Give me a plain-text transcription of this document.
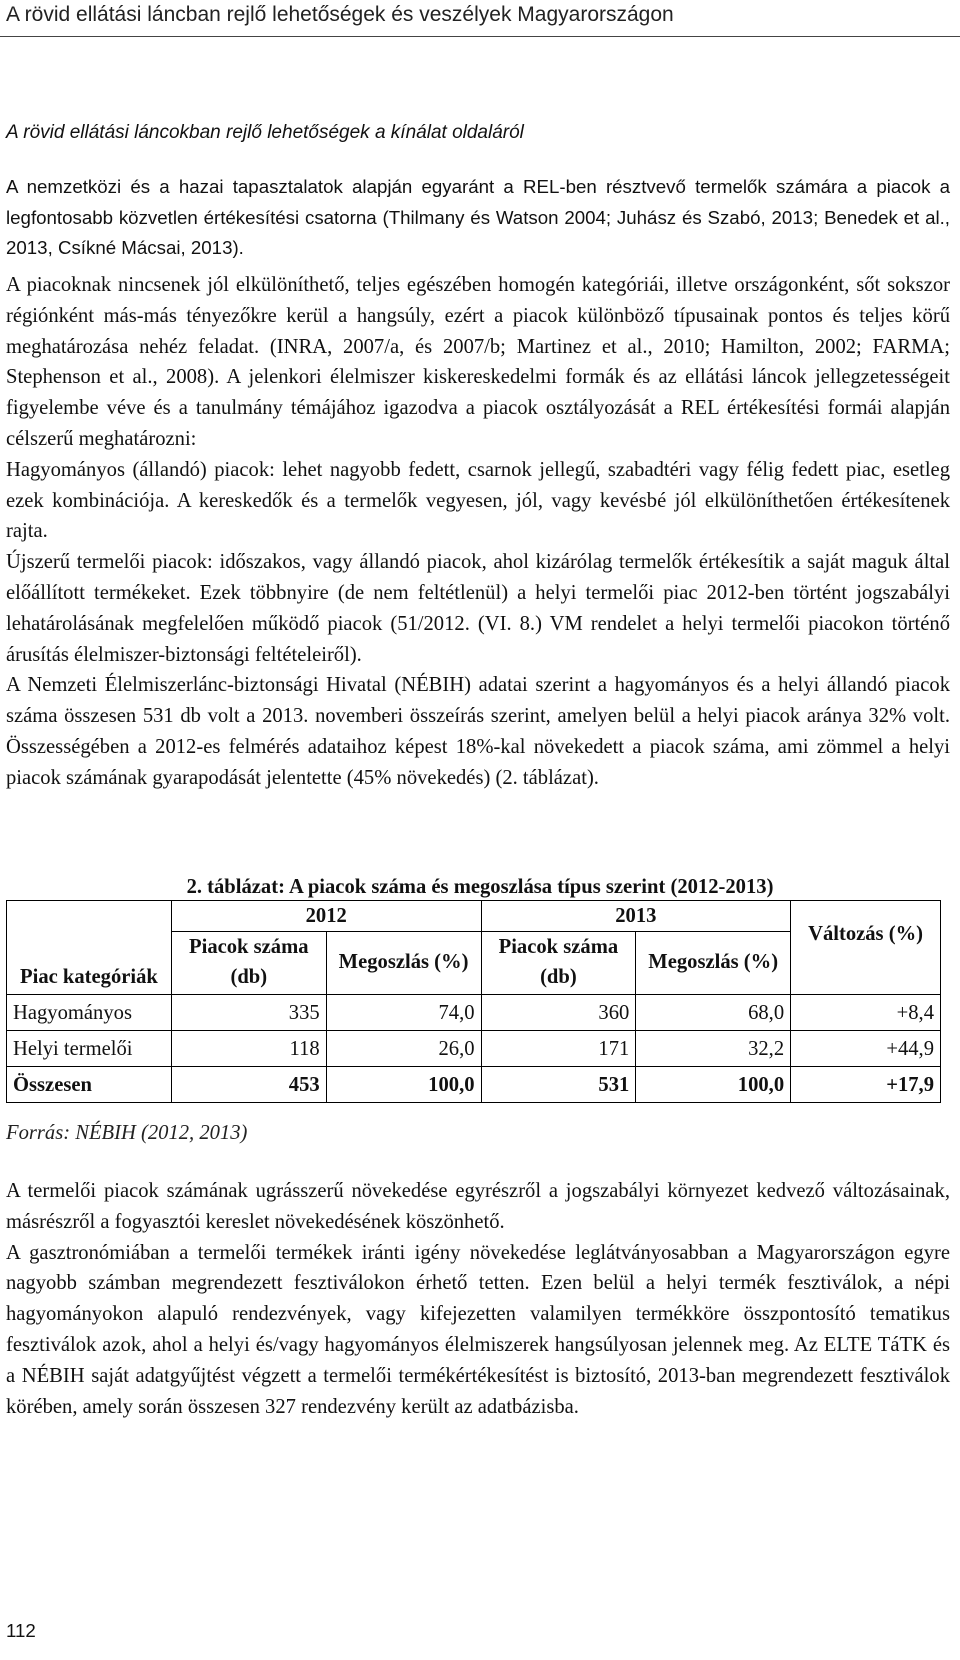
A rövid ellátási láncban rejlő lehetőségek és veszélyek Magyarországon
A rövid ellátási láncokban rejlő lehetőségek a kínálat oldaláról

A nemzetközi és a hazai tapasztalatok alapján egyaránt a REL-ben résztvevő termelők számára a piacok a legfontosabb közvetlen értékesítési csatorna (Thilmany és Watson 2004; Juhász és Szabó, 2013; Benedek et al., 2013, Csíkné Mácsai, 2013).

A piacoknak nincsenek jól elkülöníthető, teljes egészében homogén kategóriái, illetve országonként, sőt sokszor régiónként más-más tényezőkre kerül a hangsúly, ezért a piacok különböző típusainak pontos és teljes körű meghatározása nehéz feladat. (INRA, 2007/a, és 2007/b; Martinez et al., 2010; Hamilton, 2002; FARMA; Stephenson et al., 2008). A jelenkori élelmiszer kiskereskedelmi formák és az ellátási láncok jellegzetességeit figyelembe véve és a tanulmány témájához igazodva a piacok osztályozását a REL értékesítési formái alapján célszerű meghatározni:

Hagyományos (állandó) piacok: lehet nagyobb fedett, csarnok jellegű, szabadtéri vagy félig fedett piac, esetleg ezek kombinációja. A kereskedők és a termelők vegyesen, jól, vagy kevésbé jól elkülöníthetően értékesítenek rajta.

Újszerű termelői piacok: időszakos, vagy állandó piacok, ahol kizárólag termelők értékesítik a saját maguk által előállított termékeket. Ezek többnyire (de nem feltétlenül) a helyi termelői piac 2012-ben történt jogszabályi lehatárolásának megfelelően működő piacok (51/2012. (VI. 8.) VM rendelet a helyi termelői piacokon történő árusítás élelmiszer-biztonsági feltételeiről).

A Nemzeti Élelmiszerlánc-biztonsági Hivatal (NÉBIH) adatai szerint a hagyományos és a helyi állandó piacok száma összesen 531 db volt a 2013. novemberi összeírás szerint, amelyen belül a helyi piacok aránya 32% volt. Összességében a 2012-es felmérés adataihoz képest 18%-kal növekedett a piacok száma, ami zömmel a helyi piacok számának gyarapodását jelentette (45% növekedés) (2. táblázat).

2. táblázat: A piacok száma és megoszlása típus szerint (2012-2013)
Piac kategóriák	2012		2013		Változás (%)
	Piacok száma (db)	Megoszlás (%)	Piacok száma (db)	Megoszlás (%)	
Hagyományos	335	74,0	360	68,0	+8,4
Helyi termelői	118	26,0	171	32,2	+44,9
Összesen	453	100,0	531	100,0	+17,9
Forrás: NÉBIH (2012, 2013)

A termelői piacok számának ugrásszerű növekedése egyrészről a jogszabályi környezet kedvező változásainak, másrészről a fogyasztói kereslet növekedésének köszönhető.

A gasztronómiában a termelői termékek iránti igény növekedése leglátványosabban a Magyarországon egyre nagyobb számban megrendezett fesztiválokon érhető tetten. Ezen belül a helyi termék fesztiválok, a népi hagyományokon alapuló rendezvények, vagy kifejezetten valamilyen termékköre összpontosító tematikus fesztiválok azok, ahol a helyi és/vagy hagyományos élelmiszerek hangsúlyosan jelennek meg. Az ELTE TáTK és a NÉBIH saját adatgyűjtést végzett a termelői termékértékesítést is biztosító, 2013-ban megrendezett fesztiválok körében, amely során összesen 327 rendezvény került az adatbázisba.

112
